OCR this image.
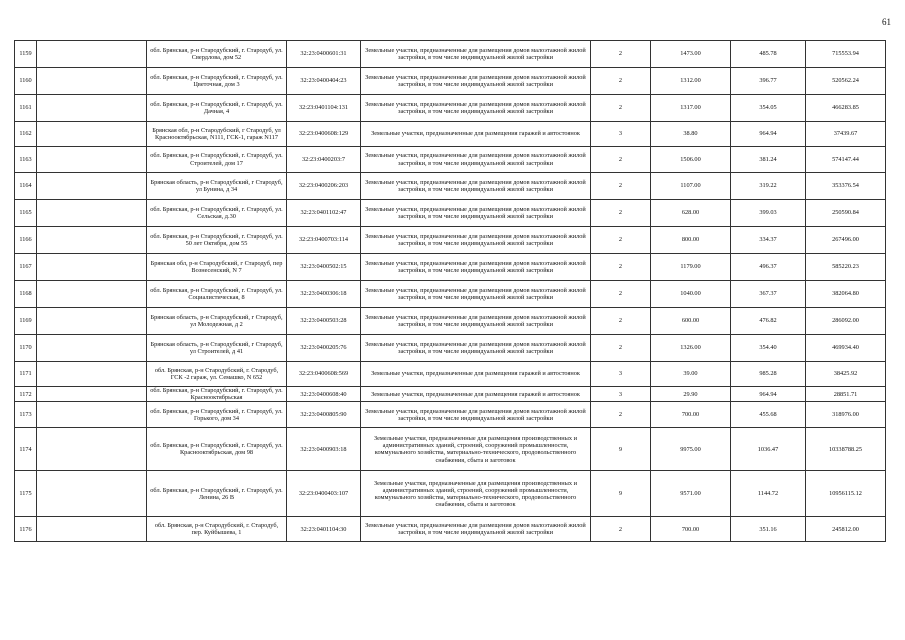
61
1159		обл. Брянская, р-н Стародубский, г. Стародуб, ул. Свердлова, дом 52	32:23:0400601:31	Земельные участки, предназначенные для размещения домов малоэтажной жилой застройки, в том числе индивидуальной жилой застройки	2	1473.00	485.78	715553.94
1160		обл. Брянская, р-н Стародубский, г. Стародуб, ул. Цветочная, дом 3	32:23:0400404:23	Земельные участки, предназначенные для размещения домов малоэтажной жилой застройки, в том числе индивидуальной жилой застройки	2	1312.00	396.77	520562.24
1161		обл. Брянская, р-н Стародубский, г. Стародуб, ул. Дачная, 4	32:23:0401104:131	Земельные участки, предназначенные для размещения домов малоэтажной жилой застройки, в том числе индивидуальной жилой застройки	2	1317.00	354.05	466283.85
1162		Брянская обл, р-н Стародубский, г Стародуб, ул Краснооктябрьская, N111, ГСК-1, гараж N117	32:23:0400608:129	Земельные участки, предназначенные для размещения гаражей и автостоянок	3	38.80	964.94	37439.67
1163		обл. Брянская, р-н Стародубский, г. Стародуб, ул. Строителей, дом 17	32:23:0400203:7	Земельные участки, предназначенные для размещения домов малоэтажной жилой застройки, в том числе индивидуальной жилой застройки	2	1506.00	381.24	574147.44
1164		Брянская область, р-н Стародубский, г Стародуб, ул Бунина, д 34	32:23:0400206:203	Земельные участки, предназначенные для размещения домов малоэтажной жилой застройки, в том числе индивидуальной жилой застройки	2	1107.00	319.22	353376.54
1165		обл. Брянская, р-н Стародубский, г. Стародуб, ул. Сельская, д.30	32:23:0401102:47	Земельные участки, предназначенные для размещения домов малоэтажной жилой застройки, в том числе индивидуальной жилой застройки	2	628.00	399.03	250590.84
1166		обл. Брянская, р-н Стародубский, г. Стародуб, ул. 50 лет Октября, дом 55	32:23:0400703:114	Земельные участки, предназначенные для размещения домов малоэтажной жилой застройки, в том числе индивидуальной жилой застройки	2	800.00	334.37	267496.00
1167		Брянская обл, р-н Стародубский, г Стародуб, пер Вознесенский, N 7	32:23:0400502:15	Земельные участки, предназначенные для размещения домов малоэтажной жилой застройки, в том числе индивидуальной жилой застройки	2	1179.00	496.37	585220.23
1168		обл. Брянская, р-н Стародубский, г. Стародуб, ул. Социалистическая, 8	32:23:0400306:18	Земельные участки, предназначенные для размещения домов малоэтажной жилой застройки, в том числе индивидуальной жилой застройки	2	1040.00	367.37	382064.80
1169		Брянская область, р-н Стародубский, г Стародуб, ул Молодежная, д 2	32:23:0400503:28	Земельные участки, предназначенные для размещения домов малоэтажной жилой застройки, в том числе индивидуальной жилой застройки	2	600.00	476.82	286092.00
1170		Брянская область, р-н Стародубский, г Стародуб, ул Строителей, д 41	32:23:0400205:76	Земельные участки, предназначенные для размещения домов малоэтажной жилой застройки, в том числе индивидуальной жилой застройки	2	1326.00	354.40	469934.40
1171		обл. Брянская, р-н Стародубский, г. Стародуб, ГСК -2 гараж, ул. Семашко, N 652	32:23:0400608:569	Земельные участки, предназначенные для размещения гаражей и автостоянок	3	39.00	985.28	38425.92
1172		обл. Брянская, р-н Стародубский, г. Стародуб, ул. Краснооктябрьская	32:23:0400608:40	Земельные участки, предназначенные для размещения гаражей и автостоянок	3	29.90	964.94	28851.71
1173		обл. Брянская, р-н Стародубский, г. Стародуб, ул. Горького, дом 34	32:23:0400805:90	Земельные участки, предназначенные для размещения домов малоэтажной жилой застройки, в том числе индивидуальной жилой застройки	2	700.00	455.68	318976.00
1174		обл. Брянская, р-н Стародубский, г. Стародуб, ул. Краснооктябрьская, дом 98	32:23:0400903:18	Земельные участки, предназначенные для размещения производственных и административных зданий, строений, сооружений промышленности, коммунального хозяйства, материально-технического, продовольственного снабжения, сбыта и заготовок	9	9975.00	1036.47	10338788.25
1175		обл. Брянская, р-н Стародубский, г. Стародуб, ул. Ленина, 26 В	32:23:0400403:107	Земельные участки, предназначенные для размещения производственных и административных зданий, строений, сооружений промышленности, коммунального хозяйства, материально-технического, продовольственного снабжения, сбыта и заготовок	9	9571.00	1144.72	10956115.12
1176		обл. Брянская, р-н Стародубский, г. Стародуб, пер. Куйбышева, 1	32:23:0401104:30	Земельные участки, предназначенные для размещения домов малоэтажной жилой застройки, в том числе индивидуальной жилой застройки	2	700.00	351.16	245812.00
